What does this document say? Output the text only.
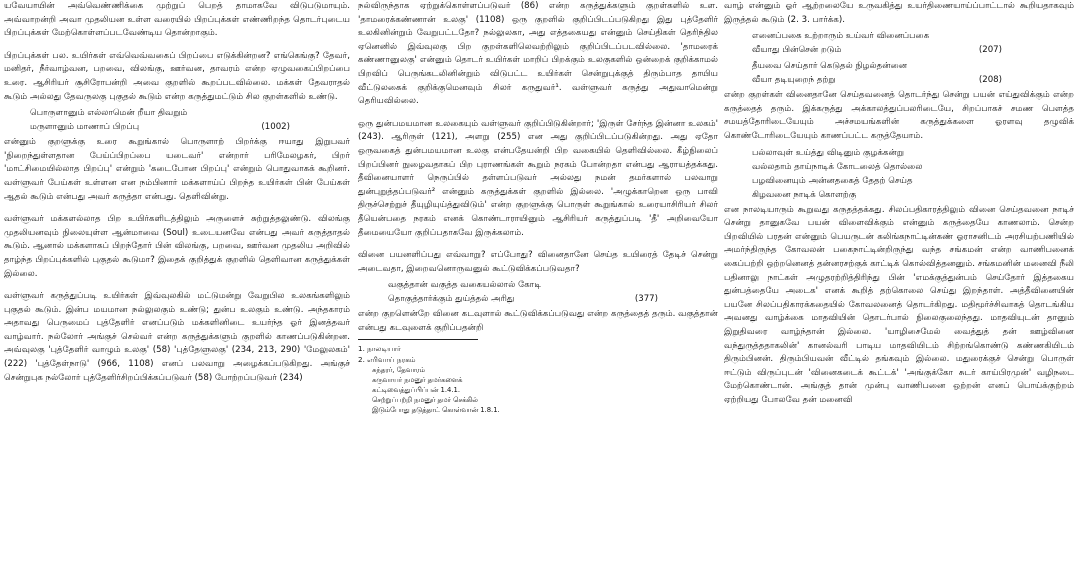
யவேயாயின் அவ்வெண்ணிக்கை முற்றுப் பெறத் தாமாகவே விடுபடுமாயும். அவ்வாறன்றி அவா முதலியன உள்ள வரையில் பிறப்புக்கள் எண்ணிறந்த தொடர்புடைய பிறப்புக்கள் மேற்கொள்ளப்படவேண்டிய தொன்றாகும்.

பிறப்புக்கள் பல. உயிர்கள் எவ்வெவ்வகைப் பிறப்பை எடுக்கின்றன? எங்கெங்கு? தேவர், மனிதர், நீர்வாழ்வன, பறவை, விலங்கு, ஊர்வன, தாவரம் என்ற ஏழுவகைப்பிறப்பை உரை. ஆசிரியர் சூசிரோபன்றி அவை குறளில் கூறப்படவில்லை. மக்கள் தேவராதல் கூடும் அல்லது தேவருலகு புகுதல் கூடும் என்ற கருத்துமட்டும் சில குறள்களில் உண்டு.

பொருளானும் எல்லாமென் றீயா திவறும்
மருளானும் மாணாப் பிறப்பு	(1002)

என்னும் குறளுக்கு உரை கூறுங்கால் பொருளாற் பிறர்க்கு ஈயாது இறுபவர் 'நிறைந்துள்ளதான பேய்ப்பிறப்பை யடைவர்' என்றார் பரிமேலழகர், பிறர் 'மாட்சிமையில்லாத பிறப்பு' என்றும் 'கடைபோன பிறப்பு' என்றும் பொதுவாகக் கூறினர். வள்ளுவர் பேய்கள் உள்ளன என நம்பினார் மக்களாய்ப் பிறந்த உயிர்கள் பின் பேய்கள் ஆதல் கூடும் என்பது அவர் கருத்தா என்பது. தெளிவின்று.

வள்ளுவர் மக்களல்லாத பிற உயிர்களிடத்திலும் அருளைச் சுற்றுத்தலுண்டு. விலங்கு முதலியனவும் நிலையுள்ள ஆன்மாவை (Soul) உடையனவே என்பது அவர் கருத்தாதல் கூடும். ஆனால் மக்களாகப் பிறந்தோர் பின் விலங்கு, பறவை, ஊர்வன முதலிய அறிவில் தாழ்ந்த பிறப்புக்களில் புகுதல் கூடுமா? இதைக் குறித்துக் குறளில் தெளிவான கருத்துக்கள் இல்லை.

வள்ளுவர் கருத்துப்படி உயிர்கள் இவ்வுலகில் மட்டுமன்று வேறுபில உலகங்களிலும் புகுதல் கூடும். இன்ப மயமான நல்லுலகும் உண்டு; துன்ப உலகும் உண்டு. அந்தகாரம் அதாவது பெருமைப் புத்தேளிர் எனப்படும் மக்களினிடை உயர்ந்த ஓர் இனத்தவர் வாழ்வார். நல்லோர் அங்குச் செல்வர் என்ற கருத்துக்களும் குறளில் காணப்படுகின்றன. அவ்வுலகு 'புத்தேளிர் வாழும் உலகு' (58) 'புத்தேளுலகு' (234, 213, 290) 'மேலுலகம்' (222) 'புத்தேள்நாடு' (966, 1108) எனப் பலவாறு அழைக்கப்படுகிறது. அங்குச் சென்றுபுக நல்லோர் புத்தேளிர்சிறப்பிக்கப்படுவர் (58) போற்றப்படுவர் (234)

நல்விருந்தாக ஏற்றுக்கொள்ளப்படுவர் (86) என்ற கருத்துக்களும் குறள்களில் உள. 'தாமரைக்கண்ணான் உலகு' (1108) ஒரு குறளில் குறிப்பிடப்படுகிறது இது புத்தேளிர் உலகினின்றும் வேறுபட்டதோ? நல்லுலகா, அது எத்தகையது என்னும் செய்திகள் தெரிந்தில ஏனெனில் இவ்வுலகு பிற குறள்களிலெவற்றிலும் குறிப்பிடப்படவில்லை. 'தாமரைக் கண்ணானுலகு' என்னும் தொடர் உயிர்கள் மாறிப் பிறக்கும் உலகுகளில் ஒன்றைக் குறிக்காமல் பிறவிப் பெருங்கடலினின்றும் விடுபட்ட உயிர்கள் சென்றுபுக்குத் திரும்பாத தாயிய வீட்டுலகைக் குறிக்குமெனவும் சிலர் கருதுவர்¹. வள்ளுவர் கருத்து அதுவாமென்று தெரியவில்லை.

ஒரு துன்பமயமான உலகையும் வள்ளுவர் குறிப்பிடுகின்றார்; 'இருள் சேர்ந்த இன்னா உலகம்' (243). ஆரிருள் (121), அளறு (255) என அது குறிப்பிடப்படுகின்றது. அது ஏதோ ஒருவகைத் துன்பமயமான உலகு என்பதேயன்றி பிற வகையில் தெளிவில்லை. கீழ்நிலைப் பிறப்பினர் நுழைவதாகப் பிற புராணங்கள் கூறும் நரகம் போன்றதா என்பது ஆராயத்தக்கது. தீவினையாளர் நெருப்பில் தள்ளப்படுவர் அல்லது நமன் தமர்களால் பலவாறு துன்புறுத்தப்படுவர்² என்னும் கருத்துக்கள் குறளில் இல்லை. 'அழுக்காறென ஒரு பாவி திருச்செற்றுச் தீயுழியுய்த்துவிடும்' என்ற குறளுக்கு பொருள் கூறுங்கால் உரையாசிரியர் சிலர் தீயென்பதை நரகம் எனக் கொண்டாராயினும் ஆசிரியர் கருத்துப்படி 'தீ' அறிவையோ தீமையையோ குறிப்பதாகவே இருக்கலாம்.

வினை பயனளிப்பது எவ்வாறு? எப்போது? வினைதானே செய்த உயிரைத் தேடிச் சென்று அடைவதா, இறைவனொருவனுல் கூட்டுவிக்கப்படுவதா?

வகுத்தான் வகுத்த வகையல்லால் கோடி
தொகுத்தார்க்கும் துய்த்தல் அரிது	(377)

என்ற குறளென்றே வினை கடவுளால் கூட்டுவிக்கப்படுவது என்ற கருத்தைத் தரும். வகுத்தான் என்பது கடவுளைக் குறிப்பதன்றி

1. நாலடியார்

2. எரிவாய் நரகம்

சுந்தரர், தேவாரம்
கருவாயர் நமனுர் தமர்களைக்
கட்டிவைத்துப்பிப்பன் 1.4.1.
செற்றுப்பற்றி நமனுர் தமர் செக்கில்
இடும்போது தடுத்தாட் கொள்வான் 1.8.1.

வாழ் என்னும் ஓர் ஆற்றலையே உருவகித்து உயர்திணையாய்ப்பாட்டால் கூறியதாகவும் இருத்தல் கூடும் (2. 3. பார்க்க).

எனைப்பகை உற்றாரும் உய்வர் வினைப்பகை
வீயாது பின்சென் றடும்	(207)
தீயவை செய்தார் கெடுதல் நிழல்தன்னை
வீயா தடியுறைந் தற்று	(208)

என்ற குறள்கள் வினைதானே செய்தவனைத் தொடர்ந்து சென்று பயன் எய்துவிக்கும் என்ற கருத்தைத் தரும். இக்கருத்து அக்காலத்துப்பலரிடையே, சிறப்பாகச் சமண பௌத்த சமயத்தோரிடையேயும் அச்சமயங்களின் கருத்துக்களை ஓரளவு தழுவிக் கொண்டோரிடையேயும் காணப்பட்ட கருத்தேயாம்.

பல்லாவுள் உய்த்து விடினும் குழக்கன்று
வல்லதாம் தாய்நாடிக் கோடலைத் தொல்லை
பழவினையும் அன்னதகைத் தேதற் செய்த
கிழவனை நாடிக் கொளற்கு

என நாலடியாரும் கூறுவது கருதத்தக்கது. சிலப்பதிகாரத்திலும் வினை செய்தவனை நாடிச் சென்று தானுகவே பயன் விளைவிக்கும் என்னும் கருத்தையே காணலாம். சென்ற பிறவியில் பரதன் என்னும் பெயருடன் கலிங்கநாட்டின்கண் ஓராசனிடம் அரசியற்பணியில் அமர்ந்திருந்த கோவலன் பகைநாட்டின்றிருந்து வந்த சங்கமன் என்ற வாணிபனைக் கைப்பற்றி ஒற்றனெனத் தன்னரசற்குக் காட்டிக் கொல்வித்தனனும். சங்கமனின் மனைவி நீலி பதினாலு நாட்கள் அழுதரற்றித்திரிந்து பின் 'எமக்குத்துன்பம் செய்தோர் இத்தகைய துன்பத்தையே அடைக' எனக் கூறித் தற்கொலை செய்து இறந்தாள். அத்தீவினையின் பயனே சிலப்பதிகாரக்கதையில் கோவலனைத் தொடர்கிறது. மதிமூர்ச்சிவாகத் தொடங்கிய அவனது வாழ்க்கை மாதவியின் தொடர்பால் நிலைகுலைந்தது. மாதவியுடன் தானும் இறுதிவரை வாழ்ந்தான் இல்லை. 'யாழிசைமேல் வைத்துத் தன் ஊழ்வினை வந்துருத்ததாகலின்' கானல்வரி பாடிய மாதவியிடம் சிற்றங்கொண்டு கண்ணகியிடம் திரும்பினன். திரும்பியவன் வீட்டில் தங்கவும் இல்லை. மதுரைக்குச் சென்று பொருள் ஈட்டும் விருப்புடன் 'வினைகடைக் கூட்டக்' 'அங்குக்கோ சுடர் காய்பிரமுன்' வழிநடை மேற்கொண்டான். அங்குத் தான் முன்பு வாணிபனை ஒற்றன் எனப் பொய்க்குற்றம் ஏற்றியது போலவே தன் மனைவி
